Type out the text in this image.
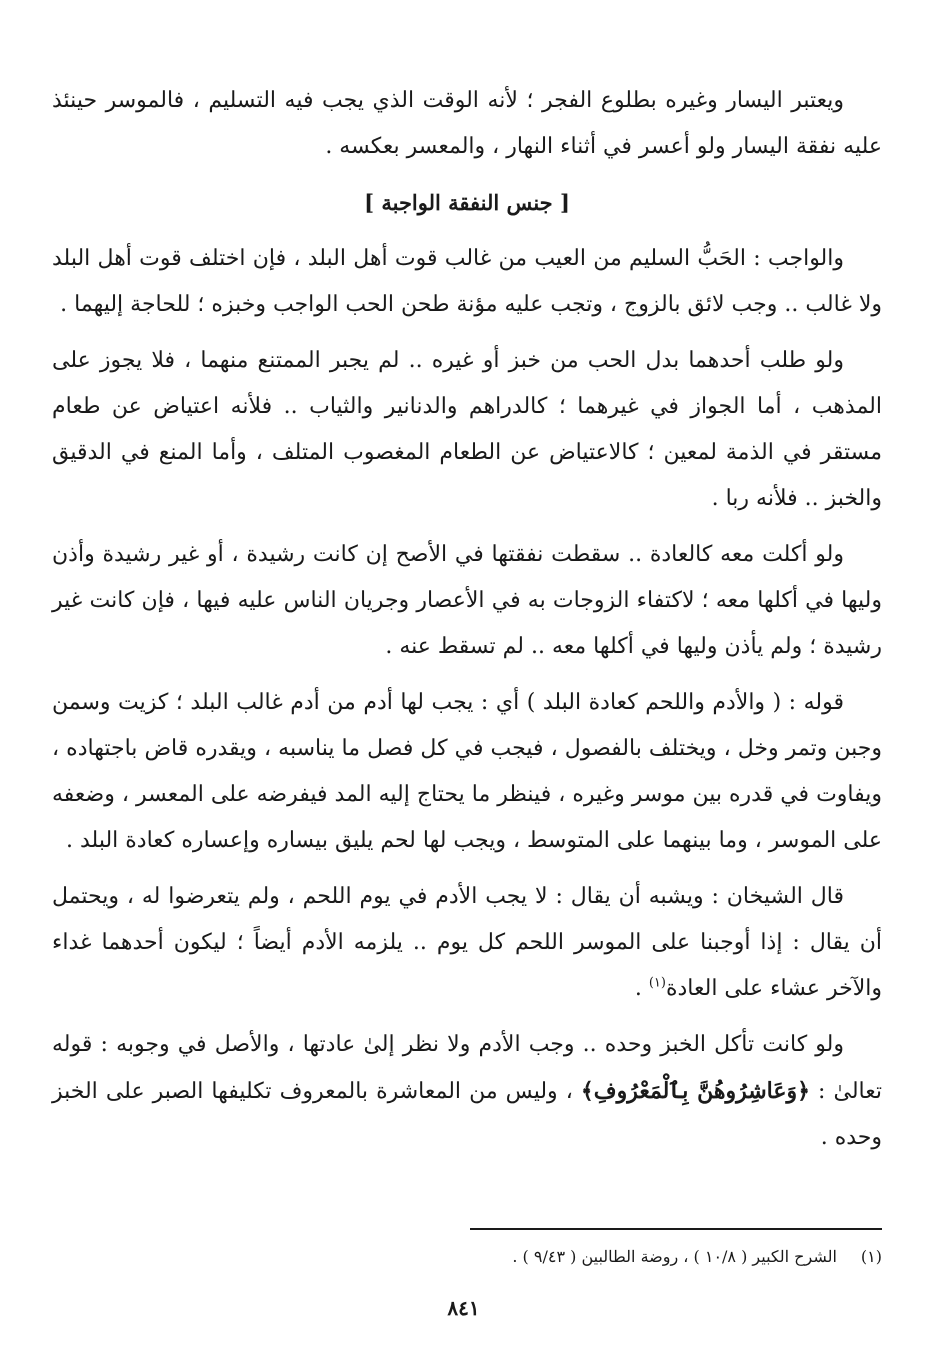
ويعتبر اليسار وغيره بطلوع الفجر ؛ لأنه الوقت الذي يجب فيه التسليم ، فالموسر حينئذ عليه نفقة اليسار ولو أعسر في أثناء النهار ، والمعسر بعكسه .

[ جنس النفقة الواجبة ]

والواجب : الحَبُّ السليم من العيب من غالب قوت أهل البلد ، فإن اختلف قوت أهل البلد ولا غالب .. وجب لائق بالزوج ، وتجب عليه مؤنة طحن الحب الواجب وخبزه ؛ للحاجة إليهما .

ولو طلب أحدهما بدل الحب من خبز أو غيره .. لم يجبر الممتنع منهما ، فلا يجوز على المذهب ، أما الجواز في غيرهما ؛ كالدراهم والدنانير والثياب .. فلأنه اعتياض عن طعام مستقر في الذمة لمعين ؛ كالاعتياض عن الطعام المغصوب المتلف ، وأما المنع في الدقيق والخبز .. فلأنه ربا .

ولو أكلت معه كالعادة .. سقطت نفقتها في الأصح إن كانت رشيدة ، أو غير رشيدة وأذن وليها في أكلها معه ؛ لاكتفاء الزوجات به في الأعصار وجريان الناس عليه فيها ، فإن كانت غير رشيدة ؛ ولم يأذن وليها في أكلها معه .. لم تسقط عنه .

قوله : ( والأدم واللحم كعادة البلد ) أي : يجب لها أدم من أدم غالب البلد ؛ كزيت وسمن وجبن وتمر وخل ، ويختلف بالفصول ، فيجب في كل فصل ما يناسبه ، ويقدره قاض باجتهاده ، ويفاوت في قدره بين موسر وغيره ، فينظر ما يحتاج إليه المد فيفرضه على المعسر ، وضعفه على الموسر ، وما بينهما على المتوسط ، ويجب لها لحم يليق بيساره وإعساره كعادة البلد .

قال الشيخان : ويشبه أن يقال : لا يجب الأدم في يوم اللحم ، ولم يتعرضوا له ، ويحتمل أن يقال : إذا أوجبنا على الموسر اللحم كل يوم .. يلزمه الأدم أيضاً ؛ ليكون أحدهما غداء والآخر عشاء على العادة$^{(١)}$ .

ولو كانت تأكل الخبز وحده .. وجب الأدم ولا نظر إلىٰ عادتها ، والأصل في وجوبه : قوله تعالىٰ : ﴿وَعَاشِرُوهُنَّ بِٱلْمَعْرُوفِ﴾ ، وليس من المعاشرة بالمعروف تكليفها الصبر على الخبز وحده .

(١)الشرح الكبير ( ١٠/٨ ) ، روضة الطالبين ( ٩/٤٣ ) .
٨٤١
